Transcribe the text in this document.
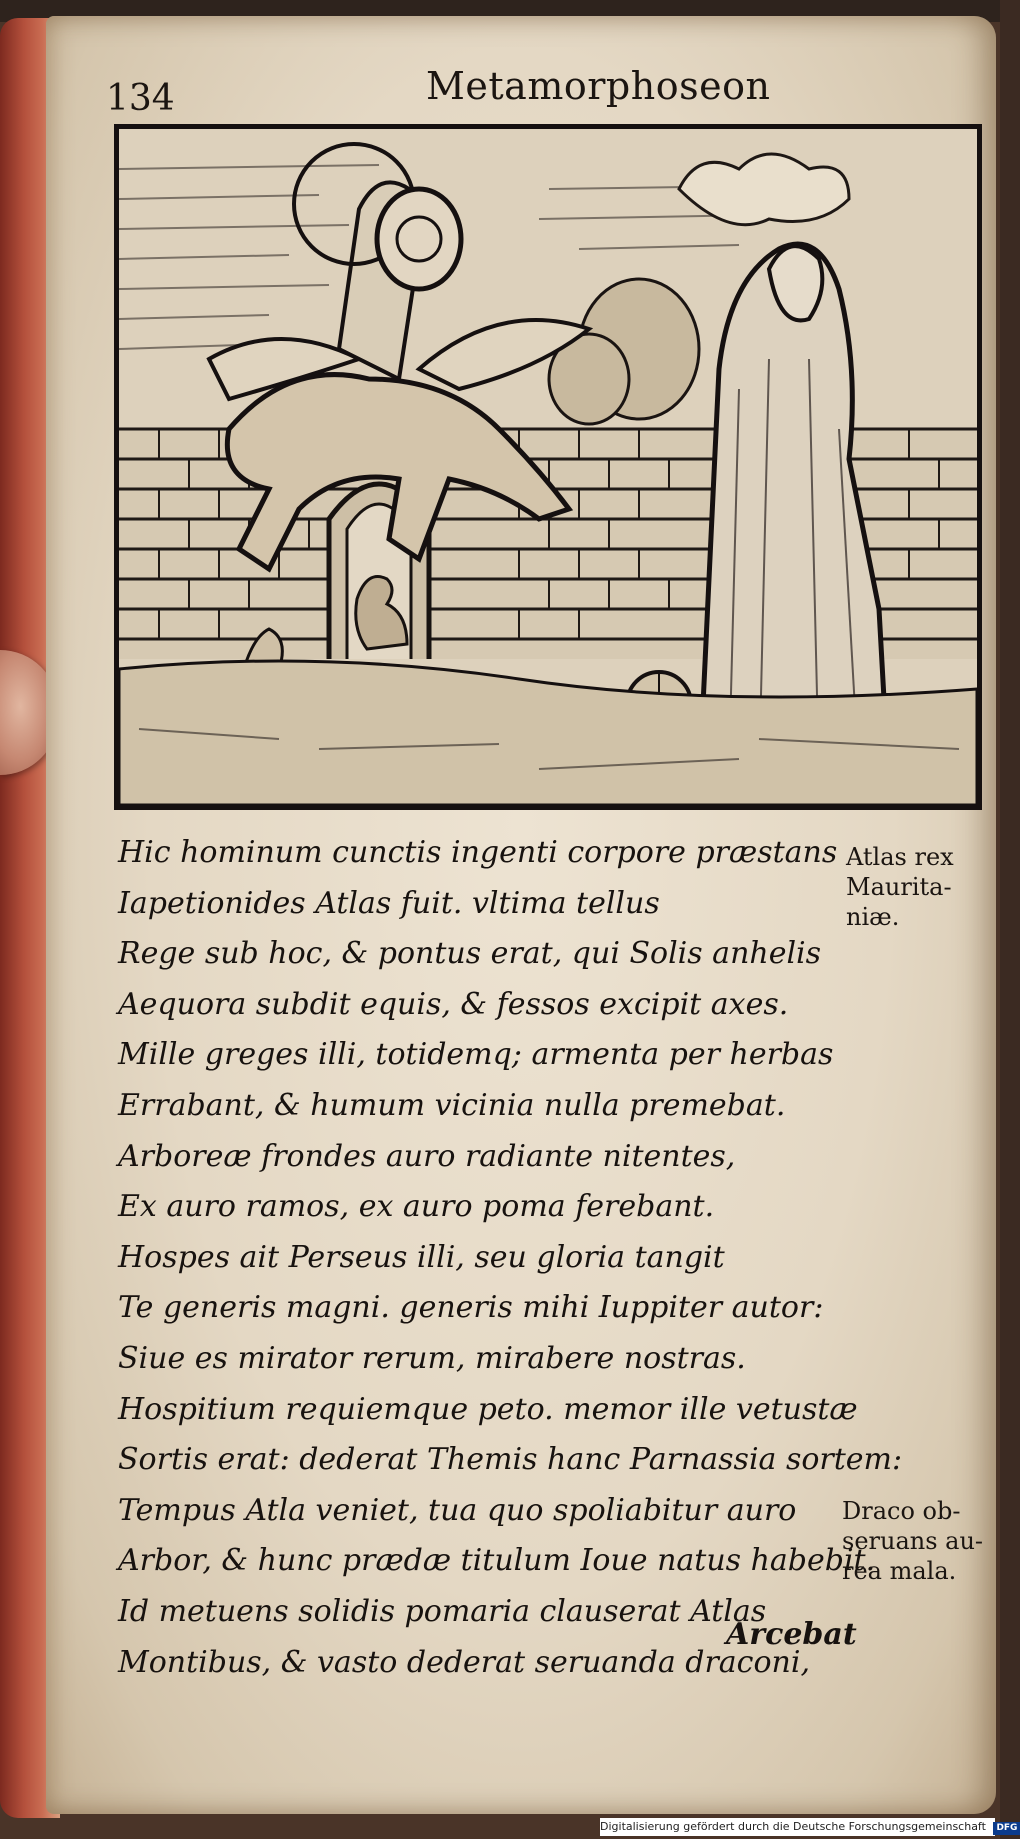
134	Metamorphoseon
Hic hominum cunctis ingenti corpore præstans
Iapetionides Atlas fuit. vltima tellus
Rege sub hoc, & pontus erat, qui Solis anhelis
Aequora subdit equis, & fessos excipit axes.
Mille greges illi, totidemq; armenta per herbas
Errabant, & humum vicinia nulla premebat.
Arboreæ frondes auro radiante nitentes,
Ex auro ramos, ex auro poma ferebant.
Hospes ait Perseus illi, seu gloria tangit
Te generis magni. generis mihi Iuppiter autor:
Siue es mirator rerum, mirabere nostras.
Hospitium requiemque peto. memor ille vetustæ
Sortis erat: dederat Themis hanc Parnassia sortem:
Tempus Atla veniet, tua quo spoliabitur auro
Arbor, & hunc prædæ titulum Ioue natus habebit.
Id metuens solidis pomaria clauserat Atlas
Montibus, & vasto dederat seruanda draconi,
Arcebat
Atlas rex
Maurita-
niæ.
Draco ob-
seruans au-
rea mala.
Digitalisierung gefördert durch die Deutsche Forschungsgemeinschaft DFG
